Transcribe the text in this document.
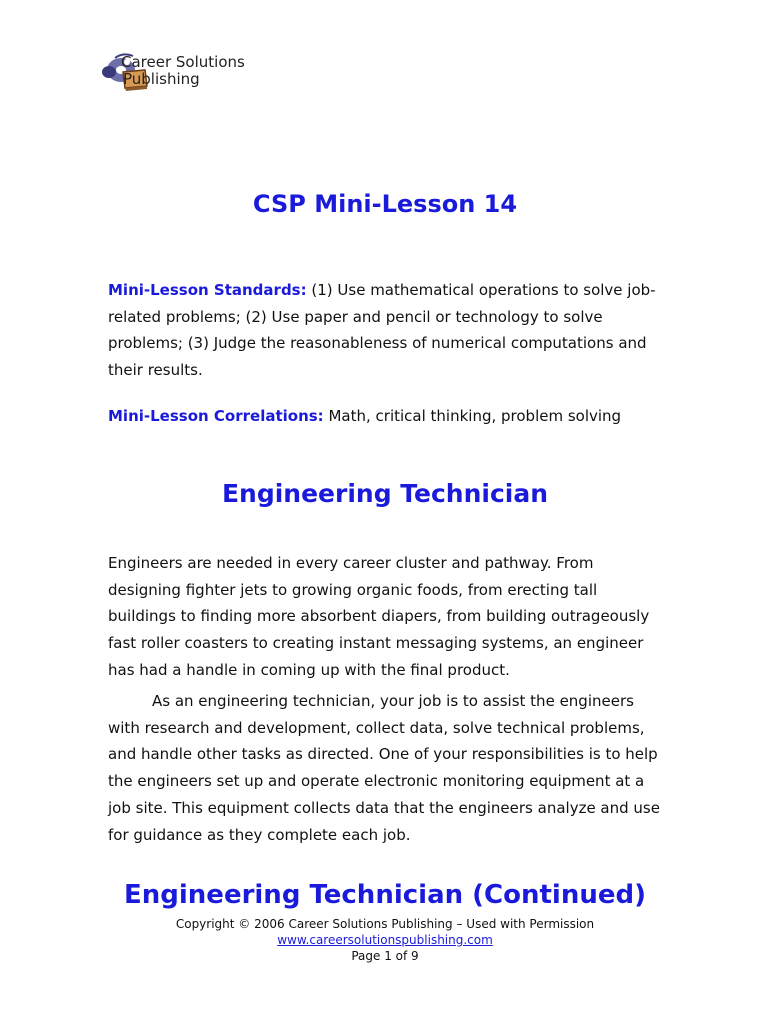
Career Solutions
Publishing
CSP Mini-Lesson 14

Mini-Lesson Standards: (1) Use mathematical operations to solve job-related problems; (2) Use paper and pencil or technology to solve problems; (3) Judge the reasonableness of numerical computations and their results.

Mini-Lesson Correlations: Math, critical thinking, problem solving

Engineering Technician

Engineers are needed in every career cluster and pathway. From designing fighter jets to growing organic foods, from erecting tall buildings to finding more absorbent diapers, from building outrageously fast roller coasters to creating instant messaging systems, an engineer has had a handle in coming up with the final product.

As an engineering technician, your job is to assist the engineers with research and development, collect data, solve technical problems, and handle other tasks as directed. One of your responsibilities is to help the engineers set up and operate electronic monitoring equipment at a job site. This equipment collects data that the engineers analyze and use for guidance as they complete each job.

Engineering Technician (Continued)
Copyright © 2006 Career Solutions Publishing – Used with Permission
www.careersolutionspublishing.com
Page 1 of 9
